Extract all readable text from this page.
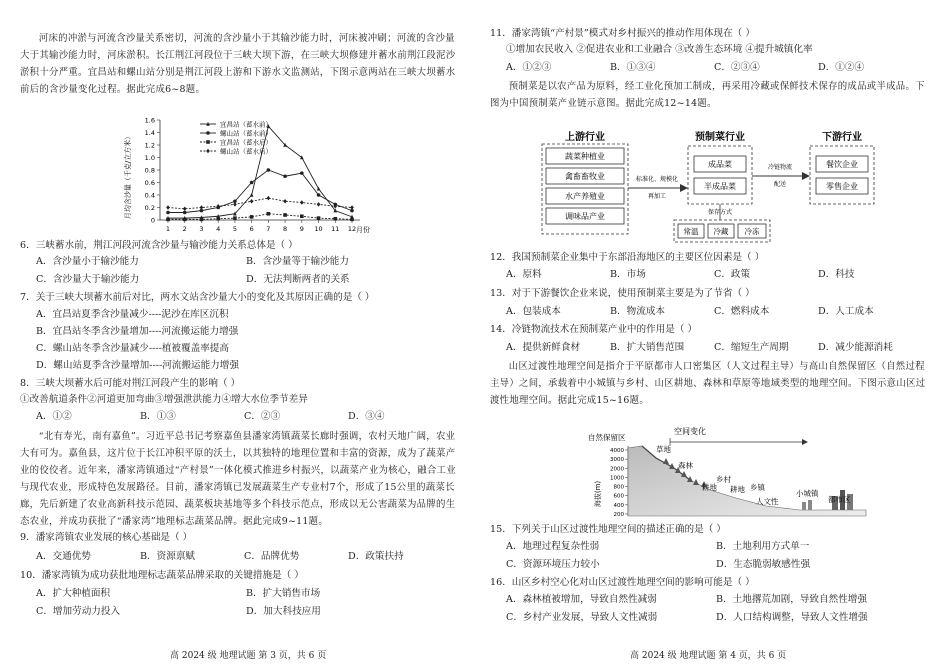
河床的冲淤与河流含沙量关系密切，河流的含沙量小于其输沙能力时，河床被冲刷；河流的含沙量大于其输沙能力时，河床淤积。长江荆江河段位于三峡大坝下游，在三峡大坝修建并蓄水前荆江段泥沙淤积十分严重。宜昌站和螺山站分别是荆江河段上游和下游水文监测站，下图示意两站在三峡大坝蓄水前后的含沙量变化过程。据此完成6~8题。
月均含沙量（千克/立方米）
0
0.2
0.4
0.6
0.8
1.0
1.2
1.4
1.6
1 2 3 4 5 6 7 8 9 10 11 12 月份
宜昌站（蓄水前）
螺山站（蓄水前）
宜昌站（蓄水后）
螺山站（蓄水后）
6．三峡蓄水前，荆江河段河流含沙量与输沙能力关系总体是（ ）
A．含沙量小于输沙能力	B．含沙量等于输沙能力
C．含沙量大于输沙能力	D．无法判断两者的关系
7．关于三峡大坝蓄水前后对比，两水文站含沙量大小的变化及其原因正确的是（ ）
A．宜昌站夏季含沙量减少----泥沙在库区沉积
B．宜昌站冬季含沙量增加----河流搬运能力增强
C．螺山站冬季含沙量减少----植被覆盖率提高
D．螺山站夏季含沙量增加----河流搬运能力增强
8．三峡大坝蓄水后可能对荆江河段产生的影响（ ）
①改善航道条件②河道更加弯曲③增强泄洪能力④增大水位季节差异
A．①②	B．①③	C．②③	D．③④
“北有寿光，南有嘉鱼”。习近平总书记考察嘉鱼县潘家湾镇蔬菜长廊时强调，农村天地广阔，农业大有可为。嘉鱼县，这片位于长江冲积平原的沃土，以其独特的地理位置和丰富的资源，成为了蔬菜产业的佼佼者。近年来，潘家湾镇通过“产村景”一体化模式推进乡村振兴，以蔬菜产业为核心，融合工业与现代农业，形成特色发展路径。目前，潘家湾镇已发展蔬菜生产专业村7个，形成了15公里的蔬菜长廊，先后新建了农业高新科技示范园、蔬菜板块基地等多个科技示范点，形成以无公害蔬菜为品牌的生态农业，并成功获批了“潘家湾”地理标志蔬菜品牌。据此完成9~11题。
9．潘家湾镇农业发展的核心基础是（ ）
A．交通优势	B．资源禀赋	C．品牌优势	D．政策扶持
10．潘家湾镇为成功获批地理标志蔬菜品牌采取的关键措施是（ ）
A．扩大种植面积	B．扩大销售市场
C．增加劳动力投入	D．加大科技应用
高 2024 级 地理试题 第 3 页，共 6 页
11．潘家湾镇“产村景”模式对乡村振兴的推动作用体现在（ ）
①增加农民收入 ②促进农业和工业融合 ③改善生态环境 ④提升城镇化率
A．①②③	B．①③④	C．②③④	D．①②④
预制菜是以农产品为原料，经工业化预加工制成，再采用冷藏或保鲜技术保存的成品或半成品。下图为中国预制菜产业链示意图。据此完成12~14题。
上游行业
蔬菜种植业
禽畜畜牧业
水产养殖业
调味品产业
标准化、规模化
再加工
预制菜行业
成品菜
半成品菜
保存方式
常温 冷藏 冷冻
冷链物流
配送
下游行业
餐饮企业
零售企业
12．我国预制菜企业集中于东部沿海地区的主要区位因素是（ ）
A．原料	B．市场	C．政策	D．科技
13．对于下游餐饮企业来说，使用预制菜主要是为了节省（ ）
A．包装成本	B．物流成本	C．燃料成本	D．人工成本
14．冷链物流技术在预制菜产业中的作用是（ ）
A．提供新鲜食材	B．扩大销售范围	C．缩短生产周期	D．减少能源消耗
山区过渡性地理空间是指介于平原都市人口密集区（人文过程主导）与高山自然保留区（自然过程主导）之间，承载着中小城镇与乡村、山区耕地、森林和草原等地域类型的地理空间。下图示意山区过渡性地理空间。据此完成15~16题。
空间变化
海拔(m)
4000
3000
2000
1000
800
600
400
200
自然保留区
草地
森林
耕地
乡村
耕地 乡镇
人文性
小城镇
都市区
15．下列关于山区过渡性地理空间的描述正确的是（ ）
A．地理过程复杂性弱	B．土地利用方式单一
C．资源环境压力较小	D．生态脆弱敏感性强
16．山区乡村空心化对山区过渡性地理空间的影响可能是（ ）
A．森林植被增加，导致自然性减弱	B．土地撂荒加剧，导致自然性增强
C．乡村产业发展，导致人文性减弱	D．人口结构调整，导致人文性增强
高 2024 级 地理试题 第 4 页，共 6 页
